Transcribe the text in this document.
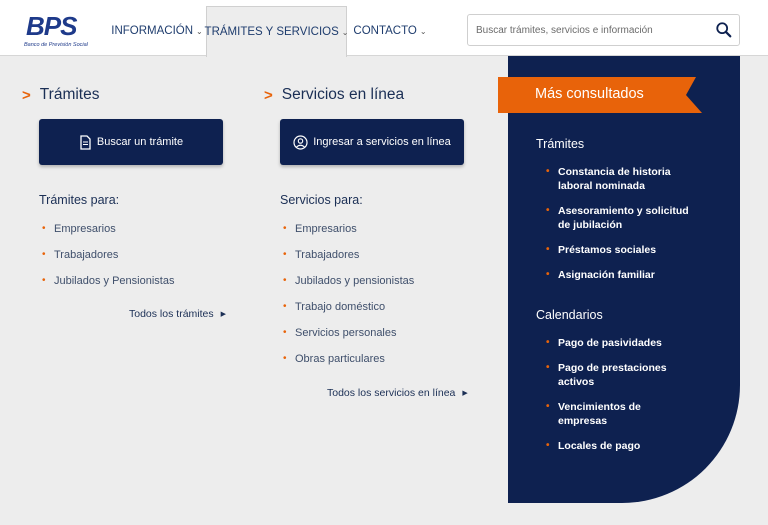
BPS
Banco de Previsión Social
INFORMACIÓN ⌄ TRÁMITES Y SERVICIOS ⌄ CONTACTO ⌄
Buscar trámites, servicios e información
> Trámites
Buscar un trámite
Trámites para:
• Empresarios
• Trabajadores
• Jubilados y Pensionistas
Todos los trámites ▶
> Servicios en línea
Ingresar a servicios en línea
Servicios para:
• Empresarios
• Trabajadores
• Jubilados y pensionistas
• Trabajo doméstico
• Servicios personales
• Obras particulares
Todos los servicios en línea ▶
Más consultados
Trámites
• Constancia de historia laboral nominada
• Asesoramiento y solicitud de jubilación
• Préstamos sociales
• Asignación familiar
Calendarios
• Pago de pasividades
• Pago de prestaciones activos
• Vencimientos de empresas
• Locales de pago
